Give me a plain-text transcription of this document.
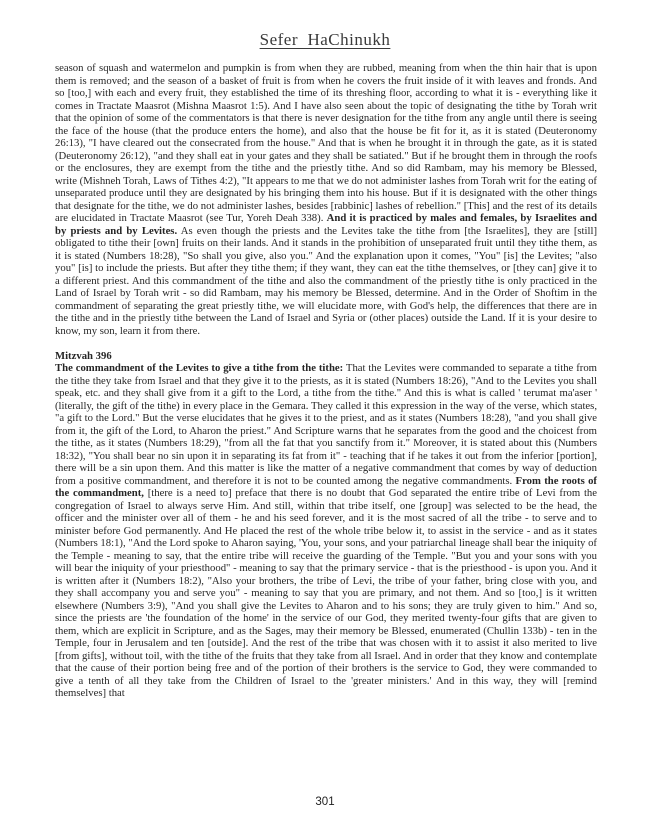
Sefer  HaChinukh

season of squash and watermelon and pumpkin is from when they are rubbed, meaning from when the thin hair that is upon them is removed; and the season of a basket of fruit is from when he covers the fruit inside of it with leaves and fronds. And so [too,] with each and every fruit, they established the time of its threshing floor, according to what it is - everything like it comes in Tractate Maasrot (Mishna Maasrot 1:5). And I have also seen about the topic of designating the tithe by Torah writ that the opinion of some of the commentators is that there is never designation for the tithe from any angle until there is seeing the face of the house (that the produce enters the home), and also that the house be fit for it, as it is stated (Deuteronomy 26:13), "I have cleared out the consecrated from the house." And that is when he brought it in through the gate, as it is stated (Deuteronomy 26:12), "and they shall eat in your gates and they shall be satiated." But if he brought them in through the roofs or the enclosures, they are exempt from the tithe and the priestly tithe. And so did Rambam, may his memory be Blessed, write (Mishneh Torah, Laws of Tithes 4:2), "It appears to me that we do not administer lashes from Torah writ for the eating of unseparated produce until they are designated by his bringing them into his house. But if it is designated with the other things that designate for the tithe, we do not administer lashes, besides [rabbinic] lashes of rebellion." [This] and the rest of its details are elucidated in Tractate Maasrot (see Tur, Yoreh Deah 338). And it is practiced by males and females, by Israelites and by priests and by Levites. As even though the priests and the Levites take the tithe from [the Israelites], they are [still] obligated to tithe their [own] fruits on their lands. And it stands in the prohibition of unseparated fruit until they tithe them, as it is stated (Numbers 18:28), "So shall you give, also you." And the explanation upon it comes, "You" [is] the Levites; "also you" [is] to include the priests. But after they tithe them; if they want, they can eat the tithe themselves, or [they can] give it to a different priest. And this commandment of the tithe and also the commandment of the priestly tithe is only practiced in the Land of Israel by Torah writ - so did Rambam, may his memory be Blessed, determine. And in the Order of Shoftim in the commandment of separating the great priestly tithe, we will elucidate more, with God's help, the differences that there are in the tithe and in the priestly tithe between the Land of Israel and Syria or (other places) outside the Land. If it is your desire to know, my son, learn it from there.

Mitzvah 396

The commandment of the Levites to give a tithe from the tithe: That the Levites were commanded to separate a tithe from the tithe they take from Israel and that they give it to the priests, as it is stated (Numbers 18:26), "And to the Levites you shall speak, etc. and they shall give from it a gift to the Lord, a tithe from the tithe." And this is what is called ' terumat ma'aser ' (literally, the gift of the tithe) in every place in the Gemara. They called it this expression in the way of the verse, which states, "a gift to the Lord." But the verse elucidates that he gives it to the priest, and as it states (Numbers 18:28), "and you shall give from it, the gift of the Lord, to Aharon the priest." And Scripture warns that he separates from the good and the choicest from the tithe, as it states (Numbers 18:29), "from all the fat that you sanctify from it." Moreover, it is stated about this (Numbers 18:32), "You shall bear no sin upon it in separating its fat from it" - teaching that if he takes it out from the inferior [portion], there will be a sin upon them. And this matter is like the matter of a negative commandment that comes by way of deduction from a positive commandment, and therefore it is not to be counted among the negative commandments. From the roots of the commandment, [there is a need to] preface that there is no doubt that God separated the entire tribe of Levi from the congregation of Israel to always serve Him. And still, within that tribe itself, one [group] was selected to be the head, the officer and the minister over all of them - he and his seed forever, and it is the most sacred of all the tribe - to serve and to minister before God permanently. And He placed the rest of the whole tribe below it, to assist in the service - and as it states (Numbers 18:1), "And the Lord spoke to Aharon saying, 'You, your sons, and your patriarchal lineage shall bear the iniquity of the Temple - meaning to say, that the entire tribe will receive the guarding of the Temple. "But you and your sons with you will bear the iniquity of your priesthood" - meaning to say that the primary service - that is the priesthood - is upon you. And it is written after it (Numbers 18:2), "Also your brothers, the tribe of Levi, the tribe of your father, bring close with you, and they shall accompany you and serve you" - meaning to say that you are primary, and not them. And so [too,] is it written elsewhere (Numbers 3:9), "And you shall give the Levites to Aharon and to his sons; they are truly given to him." And so, since the priests are 'the foundation of the home' in the service of our God, they merited twenty-four gifts that are given to them, which are explicit in Scripture, and as the Sages, may their memory be Blessed, enumerated (Chullin 133b) - ten in the Temple, four in Jerusalem and ten [outside]. And the rest of the tribe that was chosen with it to assist it also merited to live [from gifts], without toil, with the tithe of the fruits that they take from all Israel. And in order that they know and contemplate that the cause of their portion being free and of the portion of their brothers is the service to God, they were commanded to give a tenth of all they take from the Children of Israel to the 'greater ministers.' And in this way, they will [remind themselves] that

301
